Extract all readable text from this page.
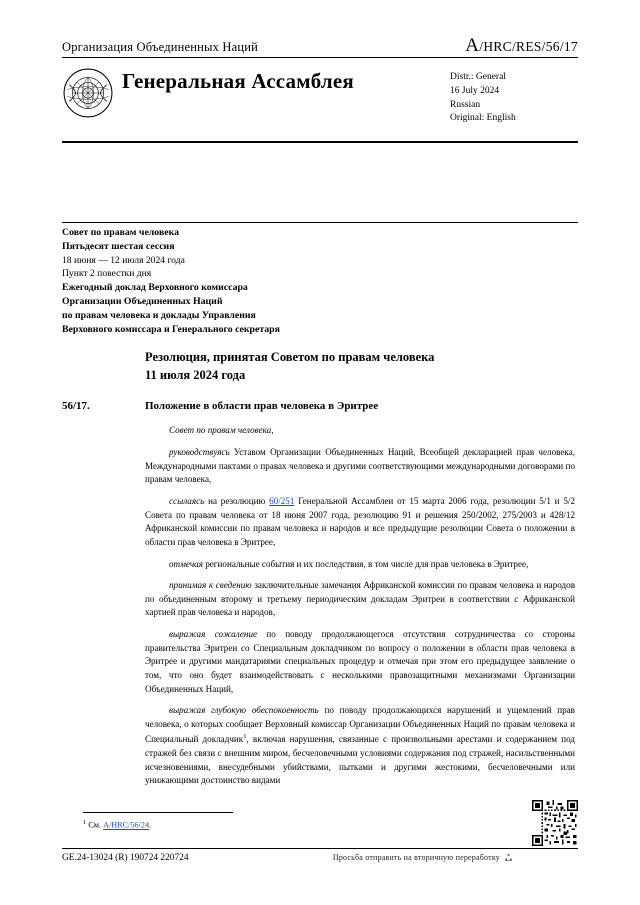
Организация Объединенных Наций	A/HRC/RES/56/17
Генеральная Ассамблея	Distr.: General
16 July 2024
Russian
Original: English
Совет по правам человека
Пятьдесят шестая сессия
18 июня — 12 июля 2024 года
Пункт 2 повестки дня
Ежегодный доклад Верховного комиссара
Организации Объединенных Наций
по правам человека и доклады Управления
Верховного комиссара и Генерального секретаря
Резолюция, принятая Советом по правам человека
11 июля 2024 года
56/17.	Положение в области прав человека в Эритрее

Совет по правам человека,

руководствуясь Уставом Организации Объединенных Наций, Всеобщей декларацией прав человека, Международными пактами о правах человека и другими соответствующими международными договорами по правам человека,

ссылаясь на резолюцию 60/251 Генеральной Ассамблеи от 15 марта 2006 года, резолюции 5/1 и 5/2 Совета по правам человека от 18 июня 2007 года, резолюцию 91 и решения 250/2002, 275/2003 и 428/12 Африканской комиссии по правам человека и народов и все предыдущие резолюции Совета о положении в области прав человека в Эритрее,

отмечая региональные события и их последствия, в том числе для прав человека в Эритрее,

принимая к сведению заключительные замечания Африканской комиссии по правам человека и народов по объединенным второму и третьему периодическим докладам Эритреи в соответствии с Африканской хартией прав человека и народов,

выражая сожаление по поводу продолжающегося отсутствия сотрудничества со стороны правительства Эритреи со Специальным докладчиком по вопросу о положении в области прав человека в Эритрее и другими мандатариями специальных процедур и отмечая при этом его предыдущее заявление о том, что оно будет взаимодействовать с несколькими правозащитными механизмами Организации Объединенных Наций,

выражая глубокую обеспокоенность по поводу продолжающихся нарушений и ущемлений прав человека, о которых сообщает Верховный комиссар Организации Объединенных Наций по правам человека и Специальный докладчик$^1$, включая нарушения, связанные с произвольными арестами и содержанием под стражей без связи с внешним миром, бесчеловечными условиями содержания под стражей, насильственными исчезновениями, внесудебными убийствами, пытками и другими жестокими, бесчеловечными или унижающими достоинство видами

$^1$ См. A/HRC/56/24.
GE.24-13024 (R) 190724 220724	Просьба отправить на вторичную переработку
